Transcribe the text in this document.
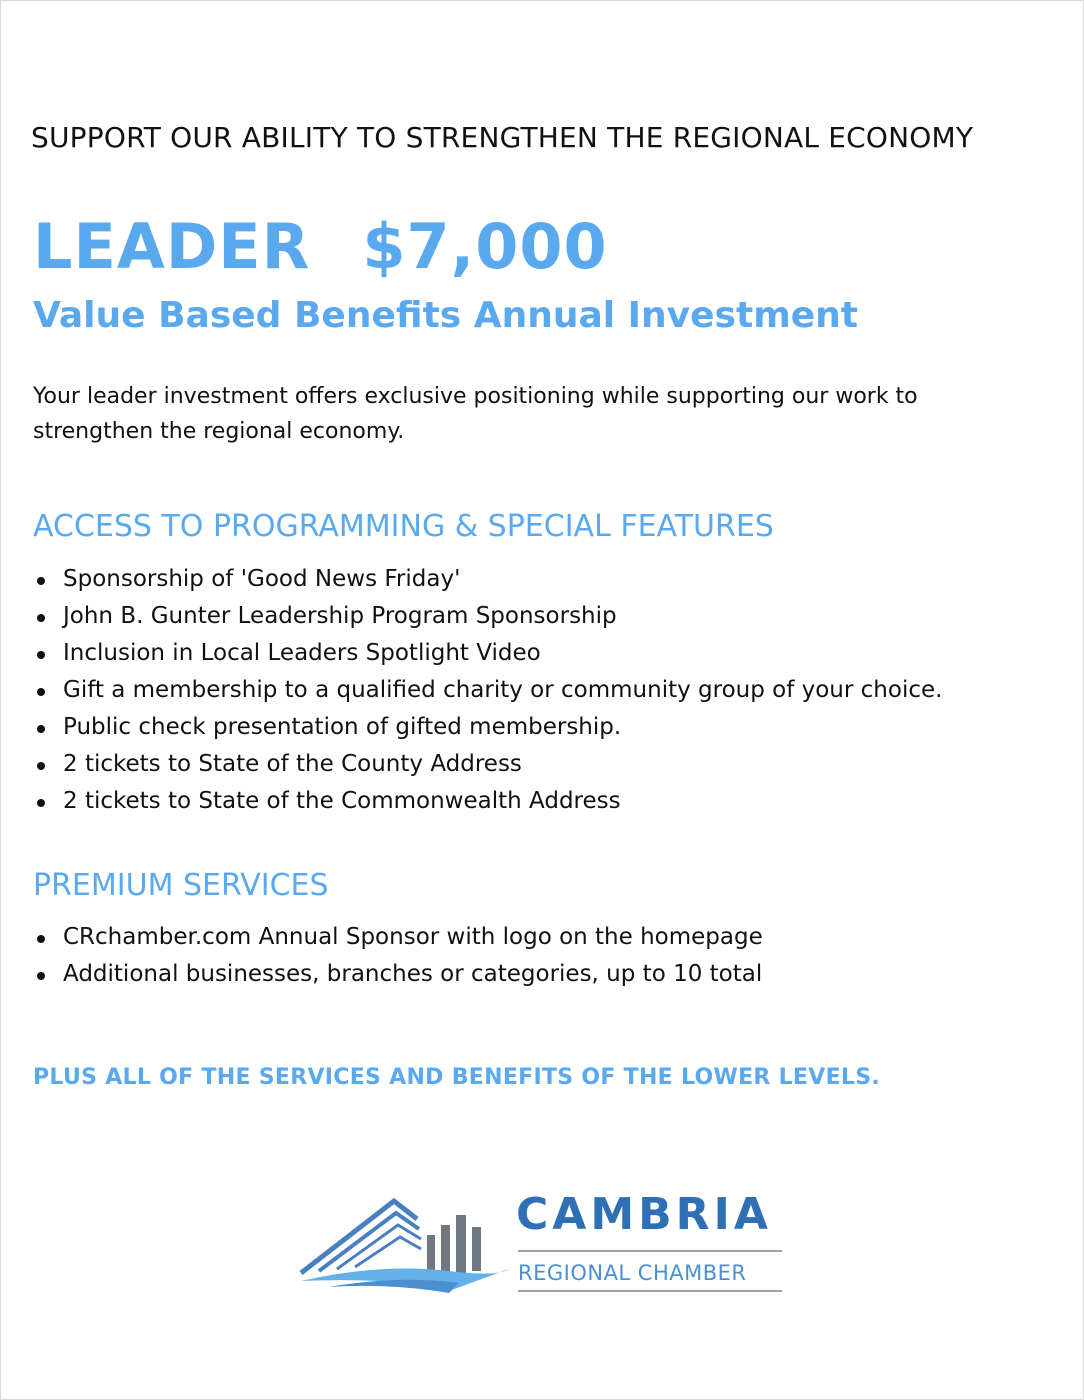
SUPPORT OUR ABILITY TO STRENGTHEN THE REGIONAL ECONOMY
LEADER $7,000
Value Based Benefits Annual Investment
Your leader investment offers exclusive positioning while supporting our work to strengthen the regional economy.
ACCESS TO PROGRAMMING & SPECIAL FEATURES
Sponsorship of 'Good News Friday'
John B. Gunter Leadership Program Sponsorship
Inclusion in Local Leaders Spotlight Video
Gift a membership to a qualified charity or community group of your choice.
Public check presentation of gifted membership.
2 tickets to State of the County Address
2 tickets to State of the Commonwealth Address
PREMIUM SERVICES
CRchamber.com Annual Sponsor with logo on the homepage
Additional businesses, branches or categories, up to 10 total
PLUS ALL OF THE SERVICES AND BENEFITS OF THE LOWER LEVELS.
CAMBRIA
REGIONAL CHAMBER
